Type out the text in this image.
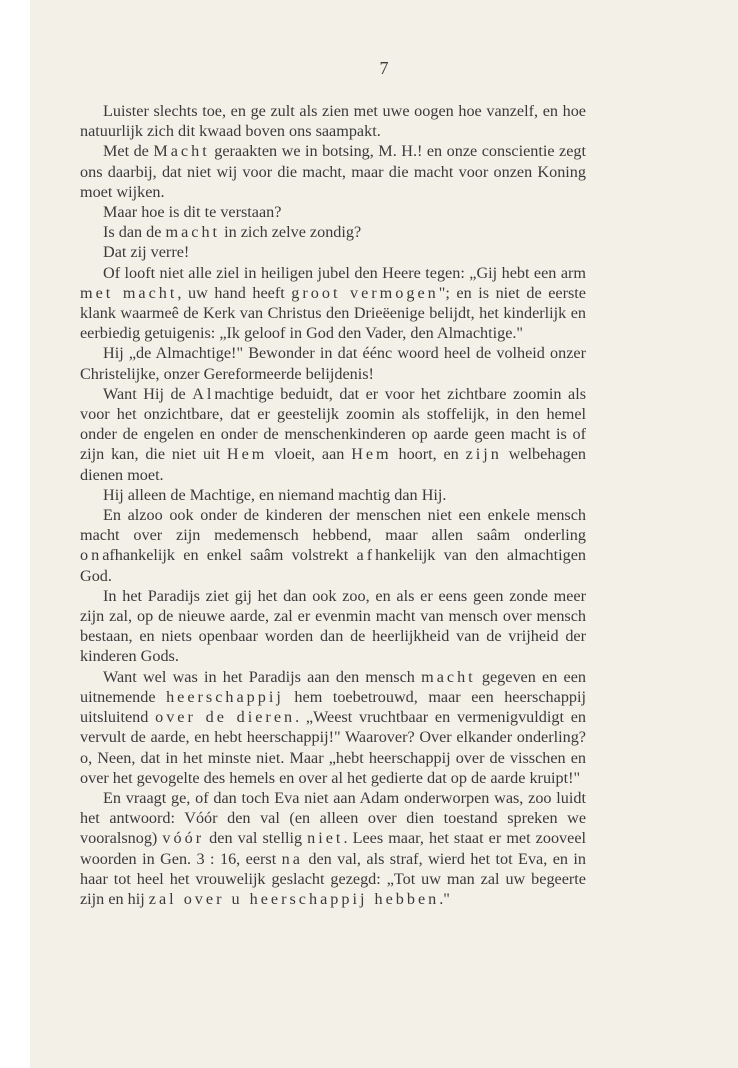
7

Luister slechts toe, en ge zult als zien met uwe oogen hoe vanzelf, en hoe natuurlijk zich dit kwaad boven ons saampakt.

Met de Macht geraakten we in botsing, M. H.! en onze conscientie zegt ons daarbij, dat niet wij voor die macht, maar die macht voor onzen Koning moet wijken.

Maar hoe is dit te verstaan?

Is dan de macht in zich zelve zondig?

Dat zij verre!

Of looft niet alle ziel in heiligen jubel den Heere tegen: „Gij hebt een arm met macht, uw hand heeft groot vermogen"; en is niet de eerste klank waarmeê de Kerk van Christus den Drieëenige belijdt, het kinderlijk en eerbiedig getuigenis: „Ik geloof in God den Vader, den Almachtige."

Hij „de Almachtige!" Bewonder in dat éénc woord heel de volheid onzer Christelijke, onzer Gereformeerde belijdenis!

Want Hij de Almachtige beduidt, dat er voor het zichtbare zoomin als voor het onzichtbare, dat er geestelijk zoomin als stoffelijk, in den hemel onder de engelen en onder de menschenkinderen op aarde geen macht is of zijn kan, die niet uit Hem vloeit, aan Hem hoort, en zijn welbehagen dienen moet.

Hij alleen de Machtige, en niemand machtig dan Hij.

En alzoo ook onder de kinderen der menschen niet een enkele mensch macht over zijn medemensch hebbend, maar allen saâm onderling onafhankelijk en enkel saâm volstrekt afhankelijk van den almachtigen God.

In het Paradijs ziet gij het dan ook zoo, en als er eens geen zonde meer zijn zal, op de nieuwe aarde, zal er evenmin macht van mensch over mensch bestaan, en niets openbaar worden dan de heerlijkheid van de vrijheid der kinderen Gods.

Want wel was in het Paradijs aan den mensch macht gegeven en een uitnemende heerschappij hem toebetrouwd, maar een heerschappij uitsluitend over de dieren. „Weest vruchtbaar en vermenigvuldigt en vervult de aarde, en hebt heerschappij!" Waarover? Over elkander onderling? o, Neen, dat in het minste niet. Maar „hebt heerschappij over de visschen en over het gevogelte des hemels en over al het gedierte dat op de aarde kruipt!"

En vraagt ge, of dan toch Eva niet aan Adam onderworpen was, zoo luidt het antwoord: Vóór den val (en alleen over dien toestand spreken we vooralsnog) vóór den val stellig niet. Lees maar, het staat er met zooveel woorden in Gen. 3 : 16, eerst na den val, als straf, wierd het tot Eva, en in haar tot heel het vrouwelijk geslacht gezegd: „Tot uw man zal uw begeerte zijn en hij zal over u heerschappij hebben."
